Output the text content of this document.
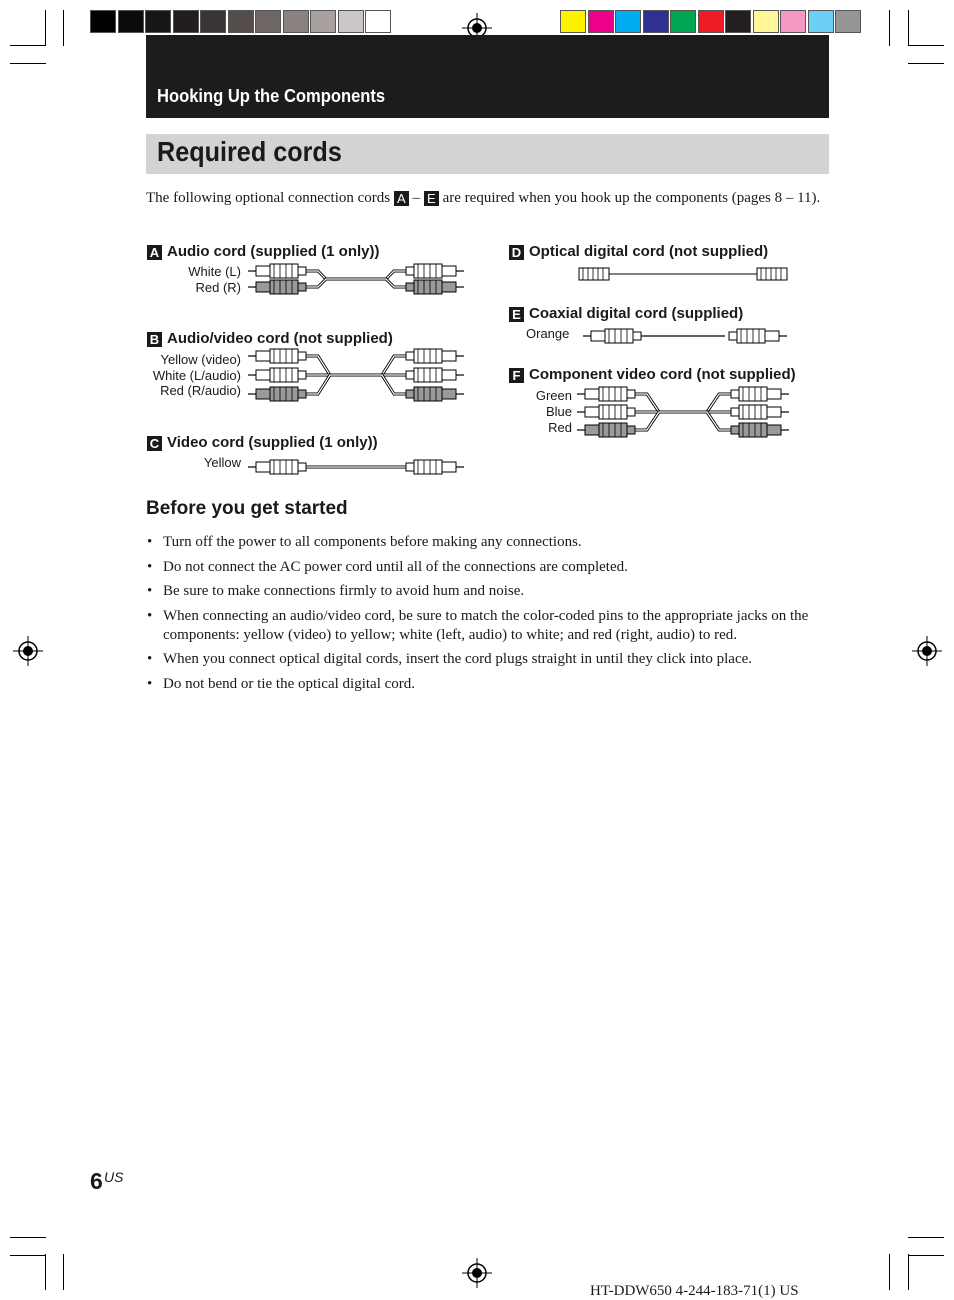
Hooking Up the Components
Required cords
The following optional connection cords A – E are required when you hook up the components (pages 8 – 11).
A Audio cord (supplied (1 only))
White (L)
Red (R)
B Audio/video cord (not supplied)
Yellow (video)
White (L/audio)
Red (R/audio)
C Video cord (supplied (1 only))
Yellow
D Optical digital cord (not supplied)
E Coaxial digital cord (supplied)
Orange
F Component video cord (not supplied)
Green
Blue
Red
Before you get started
• Turn off the power to all components before making any connections.
• Do not connect the AC power cord until all of the connections are completed.
• Be sure to make connections firmly to avoid hum and noise.
• When connecting an audio/video cord, be sure to match the color-coded pins to the appropriate jacks on the components: yellow (video) to yellow; white (left, audio) to white; and red (right, audio) to red.
• When you connect optical digital cords, insert the cord plugs straight in until they click into place.
• Do not bend or tie the optical digital cord.
6 US
HT-DDW650 4-244-183-71(1) US
